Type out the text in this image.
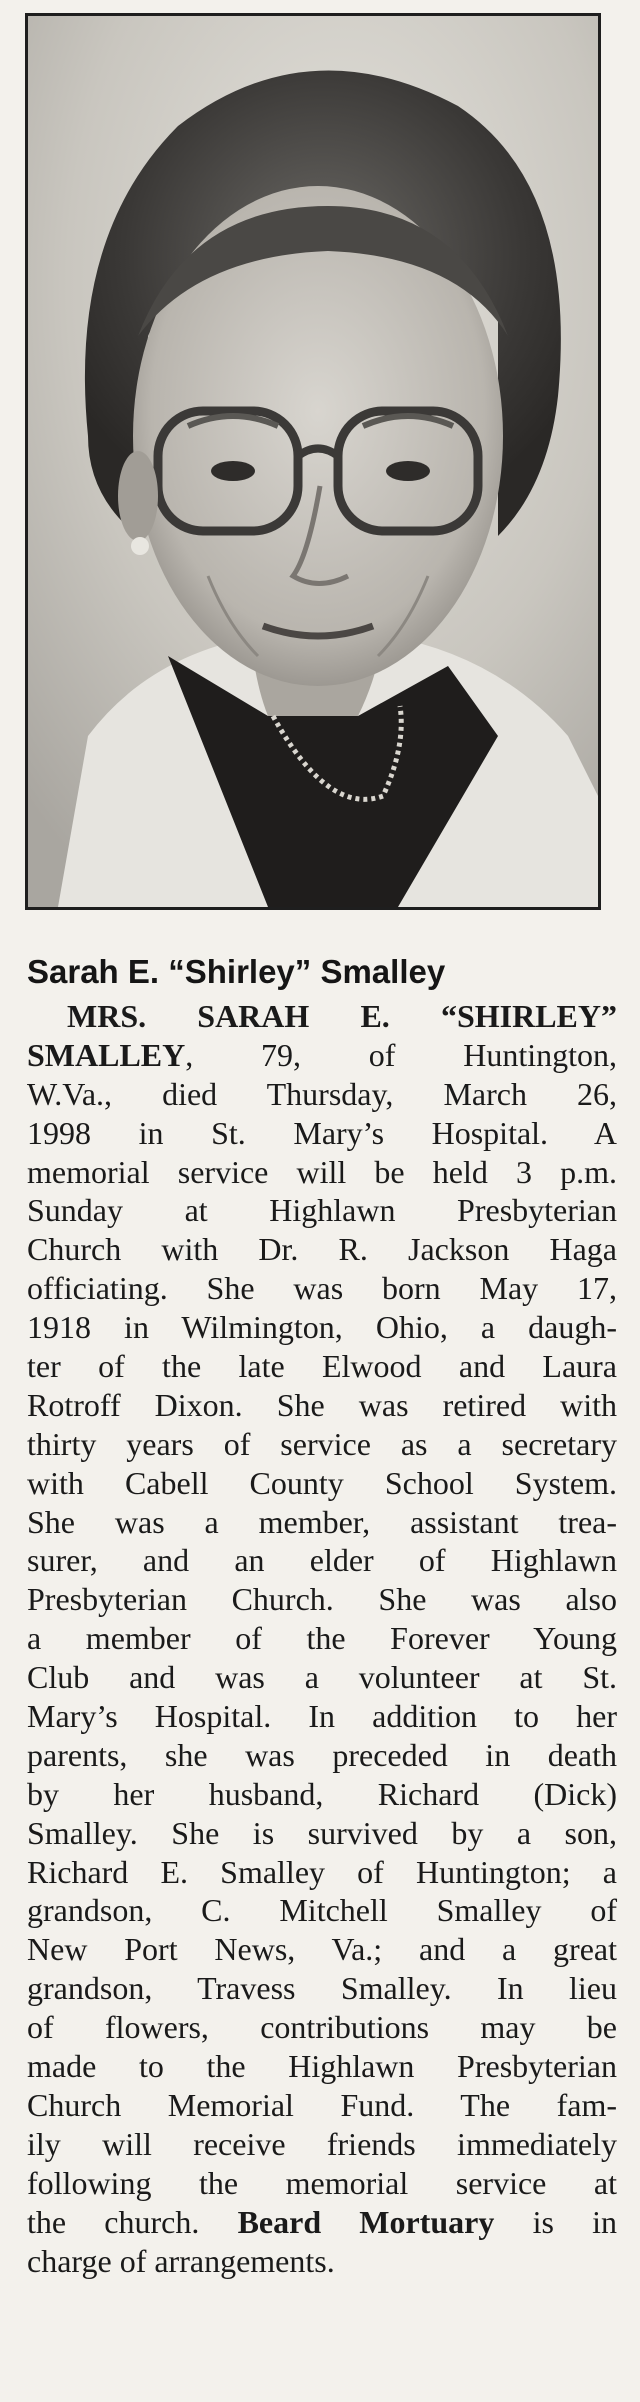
Sarah E. “Shirley” Smalley
MRS. SARAH E. “SHIRLEY”
SMALLEY, 79, of Huntington,
W.Va., died Thursday, March 26,
1998 in St. Mary’s Hospital. A
memorial service will be held 3 p.m.
Sunday at Highlawn Presbyterian
Church with Dr. R. Jackson Haga
officiating. She was born May 17,
1918 in Wilmington, Ohio, a daugh-
ter of the late Elwood and Laura
Rotroff Dixon. She was retired with
thirty years of service as a secretary
with Cabell County School System.
She was a member, assistant trea-
surer, and an elder of Highlawn
Presbyterian Church. She was also
a member of the Forever Young
Club and was a volunteer at St.
Mary’s Hospital. In addition to her
parents, she was preceded in death
by her husband, Richard (Dick)
Smalley. She is survived by a son,
Richard E. Smalley of Huntington; a
grandson, C. Mitchell Smalley of
New Port News, Va.; and a great
grandson, Travess Smalley. In lieu
of flowers, contributions may be
made to the Highlawn Presbyterian
Church Memorial Fund. The fam-
ily will receive friends immediately
following the memorial service at
the church. Beard Mortuary is in
charge of arrangements.
